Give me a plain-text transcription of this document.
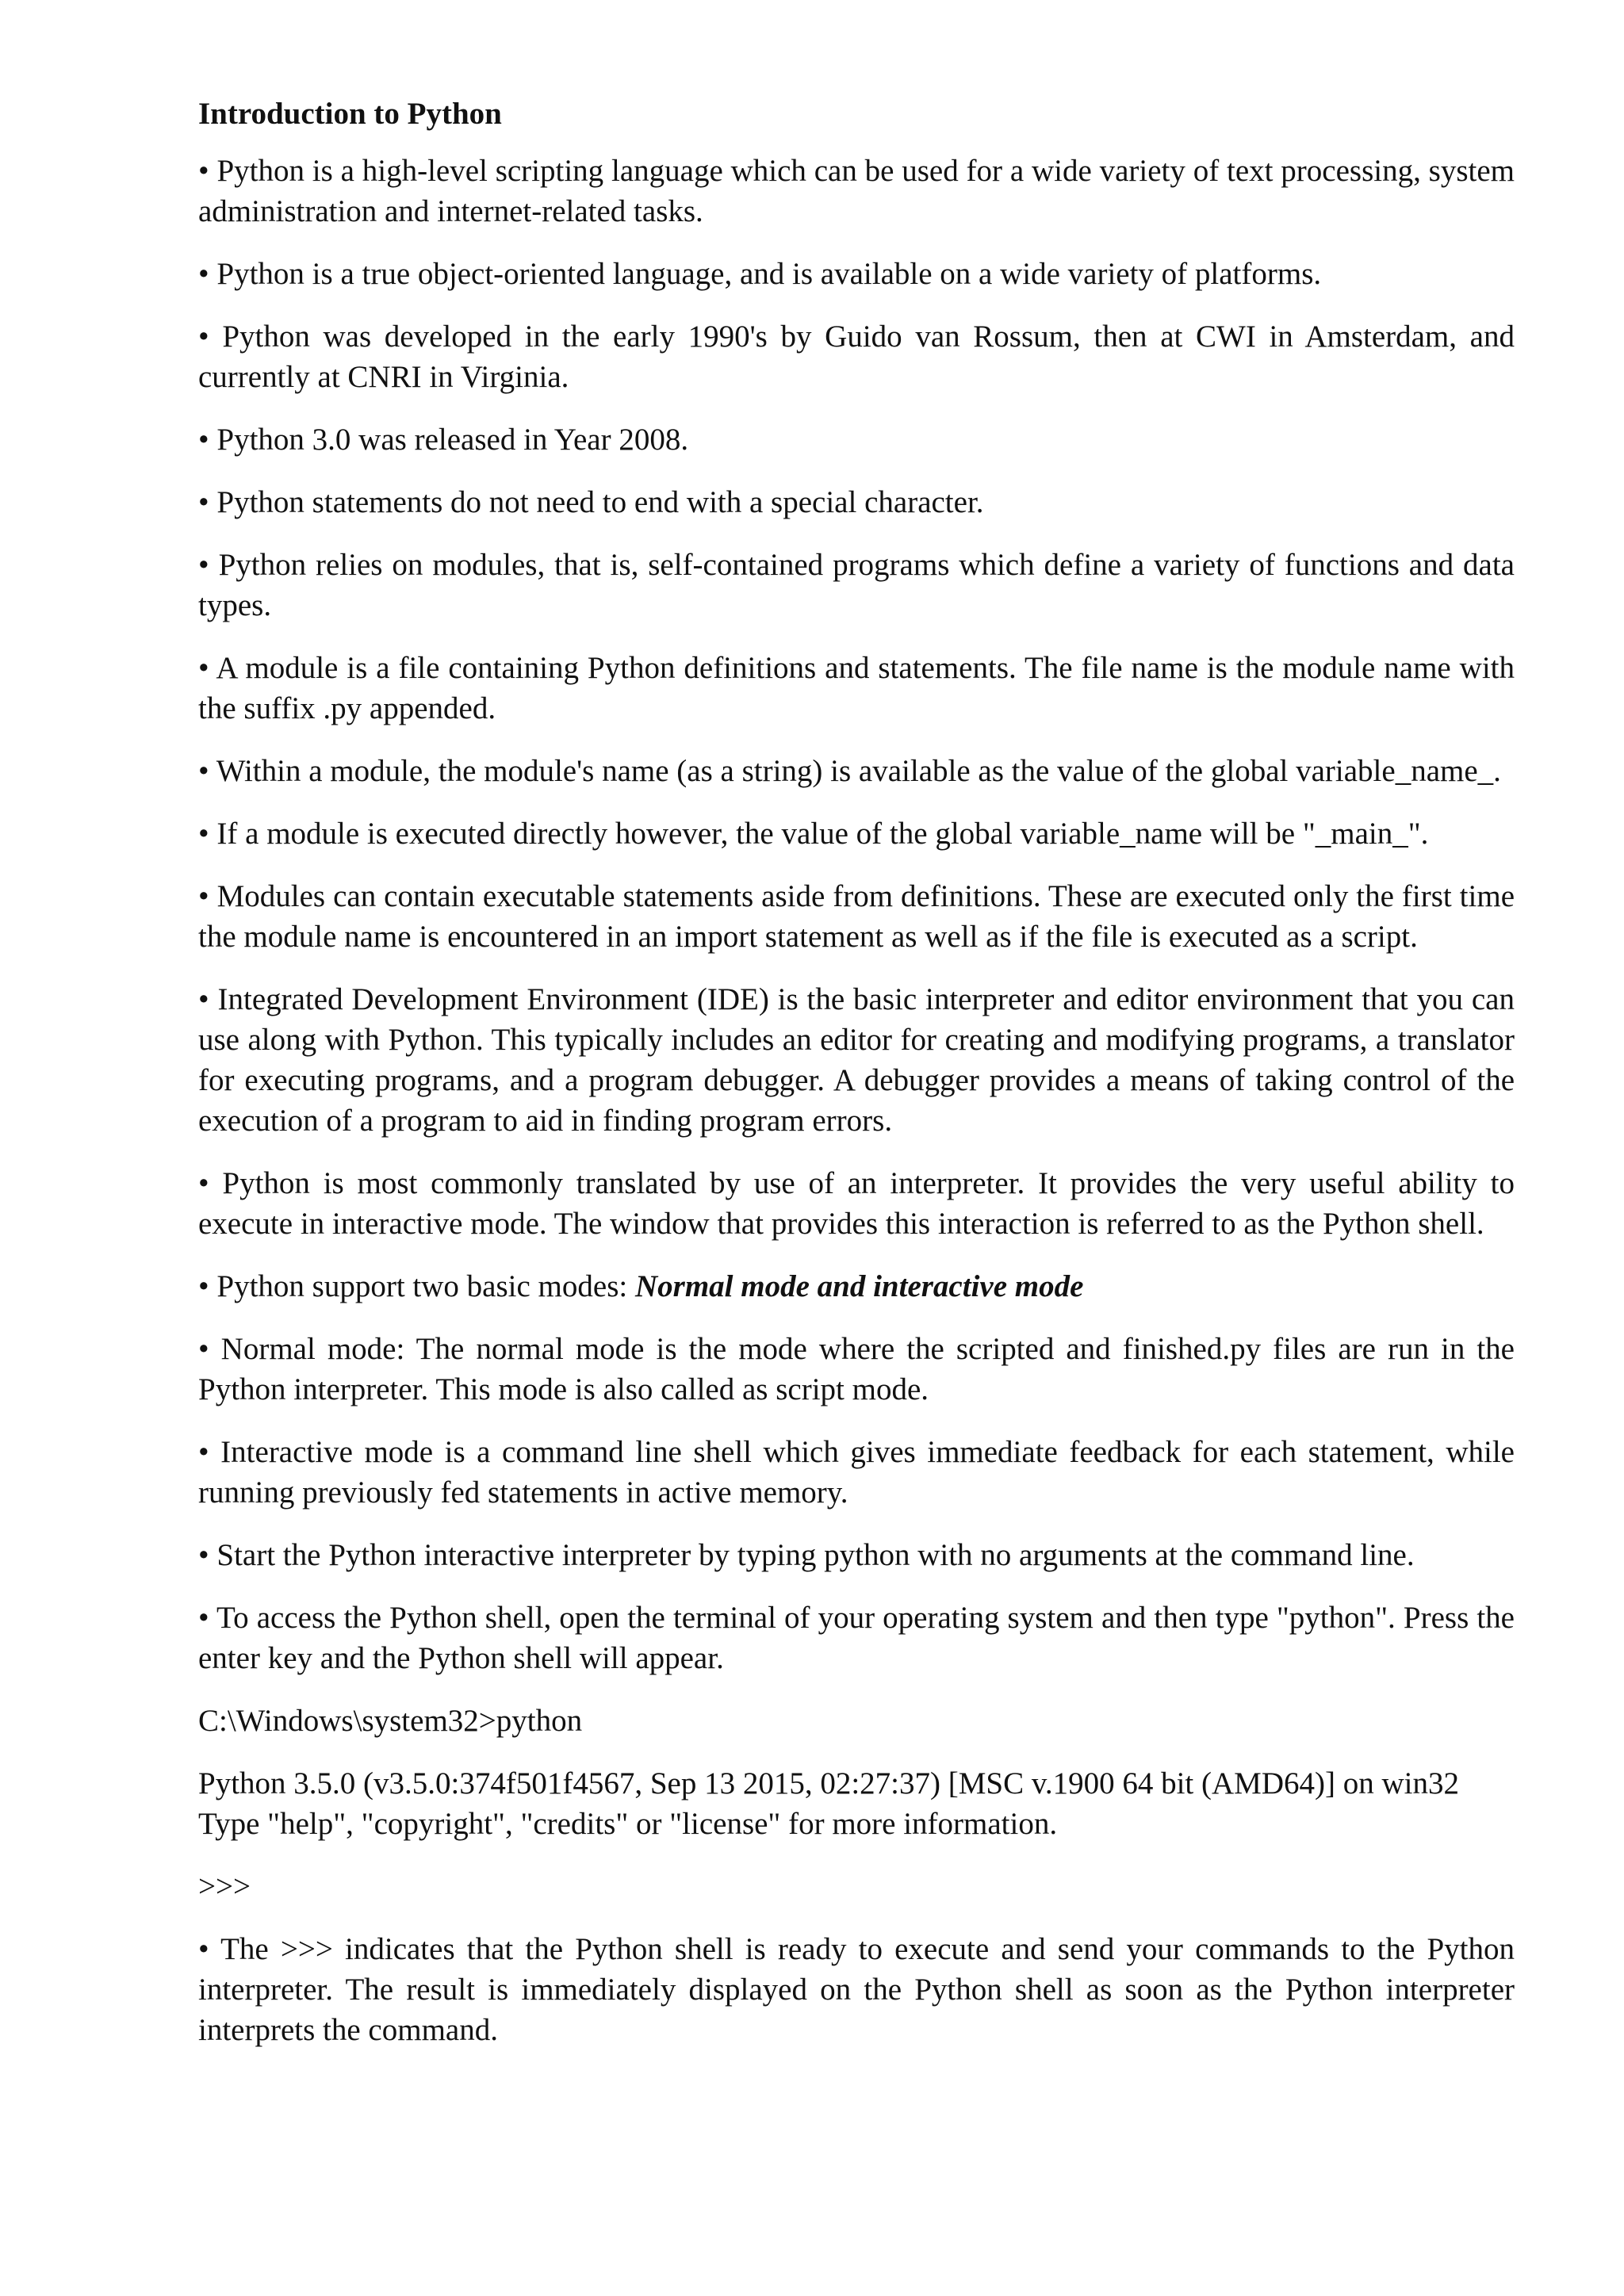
Introduction to Python

• Python is a high-level scripting language which can be used for a wide variety of text processing, system administration and internet-related tasks.

• Python is a true object-oriented language, and is available on a wide variety of platforms.

• Python was developed in the early 1990's by Guido van Rossum, then at CWI in Amsterdam, and currently at CNRI in Virginia.

• Python 3.0 was released in Year 2008.

• Python statements do not need to end with a special character.

• Python relies on modules, that is, self-contained programs which define a variety of functions and data types.

• A module is a file containing Python definitions and statements. The file name is the module name with the suffix .py appended.

• Within a module, the module's name (as a string) is available as the value of the global variable_name_.

• If a module is executed directly however, the value of the global variable_name will be "_main_".

• Modules can contain executable statements aside from definitions. These are executed only the first time the module name is encountered in an import statement as well as if the file is executed as a script.

• Integrated Development Environment (IDE) is the basic interpreter and editor environment that you can use along with Python. This typically includes an editor for creating and modifying programs, a translator for executing programs, and a program debugger. A debugger provides a means of taking control of the execution of a program to aid in finding program errors.

• Python is most commonly translated by use of an interpreter. It provides the very useful ability to execute in interactive mode. The window that provides this interaction is referred to as the Python shell.

• Python support two basic modes: Normal mode and interactive mode

• Normal mode: The normal mode is the mode where the scripted and finished.py files are run in the Python interpreter. This mode is also called as script mode.

• Interactive mode is a command line shell which gives immediate feedback for each statement, while running previously fed statements in active memory.

• Start the Python interactive interpreter by typing python with no arguments at the command line.

• To access the Python shell, open the terminal of your operating system and then type "python". Press the enter key and the Python shell will appear.

C:\Windows\system32>python

Python 3.5.0 (v3.5.0:374f501f4567, Sep 13 2015, 02:27:37) [MSC v.1900 64 bit (AMD64)] on win32

Type "help", "copyright", "credits" or "license" for more information.

>>>

• The >>> indicates that the Python shell is ready to execute and send your commands to the Python interpreter. The result is immediately displayed on the Python shell as soon as the Python interpreter interprets the command.
